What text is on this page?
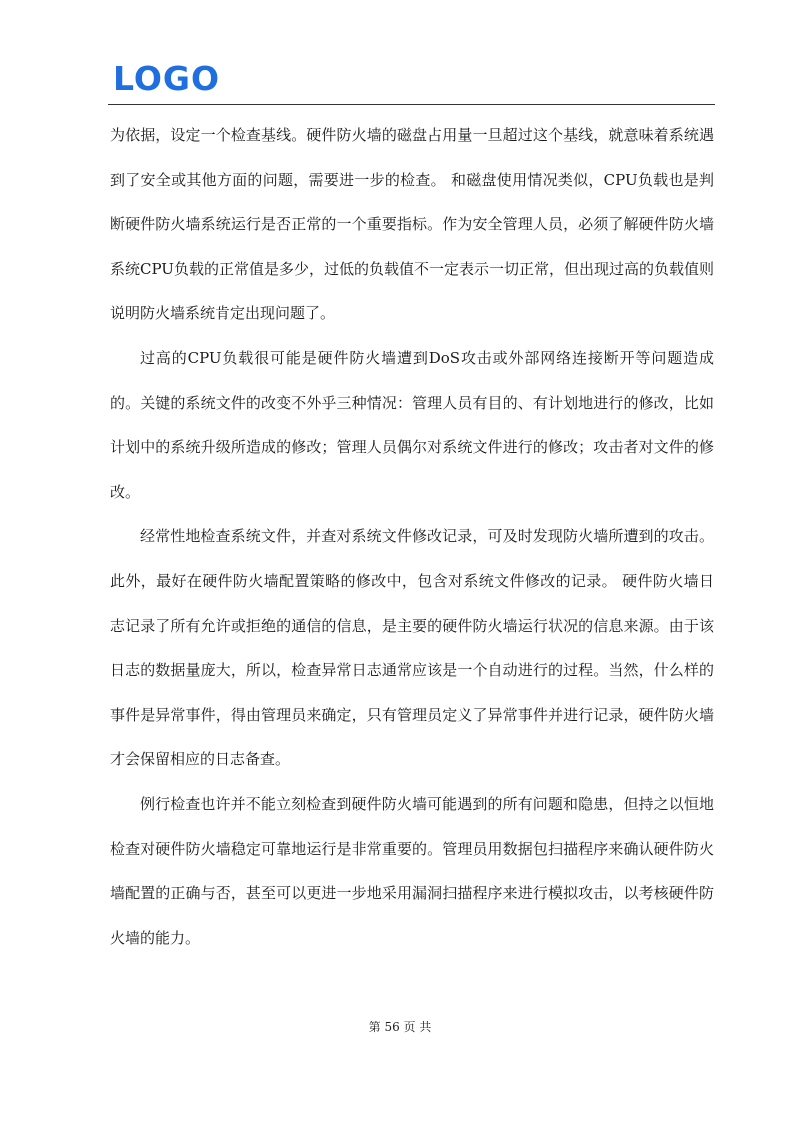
LOGO

为依据，设定一个检查基线。硬件防火墙的磁盘占用量一旦超过这个基线，就意味着系统遇到了安全或其他方面的问题，需要进一步的检查。 和磁盘使用情况类似，CPU负载也是判断硬件防火墙系统运行是否正常的一个重要指标。作为安全管理人员，必须了解硬件防火墙系统CPU负载的正常值是多少，过低的负载值不一定表示一切正常，但出现过高的负载值则说明防火墙系统肯定出现问题了。

过高的CPU负载很可能是硬件防火墙遭到DoS攻击或外部网络连接断开等问题造成的。关键的系统文件的改变不外乎三种情况：管理人员有目的、有计划地进行的修改，比如计划中的系统升级所造成的修改；管理人员偶尔对系统文件进行的修改；攻击者对文件的修改。

经常性地检查系统文件，并查对系统文件修改记录，可及时发现防火墙所遭到的攻击。此外，最好在硬件防火墙配置策略的修改中，包含对系统文件修改的记录。 硬件防火墙日志记录了所有允许或拒绝的通信的信息，是主要的硬件防火墙运行状况的信息来源。由于该日志的数据量庞大，所以，检查异常日志通常应该是一个自动进行的过程。当然，什么样的事件是异常事件，得由管理员来确定，只有管理员定义了异常事件并进行记录，硬件防火墙才会保留相应的日志备查。

例行检查也许并不能立刻检查到硬件防火墙可能遇到的所有问题和隐患，但持之以恒地检查对硬件防火墙稳定可靠地运行是非常重要的。管理员用数据包扫描程序来确认硬件防火墙配置的正确与否，甚至可以更进一步地采用漏洞扫描程序来进行模拟攻击，以考核硬件防火墙的能力。

第 56 页 共
